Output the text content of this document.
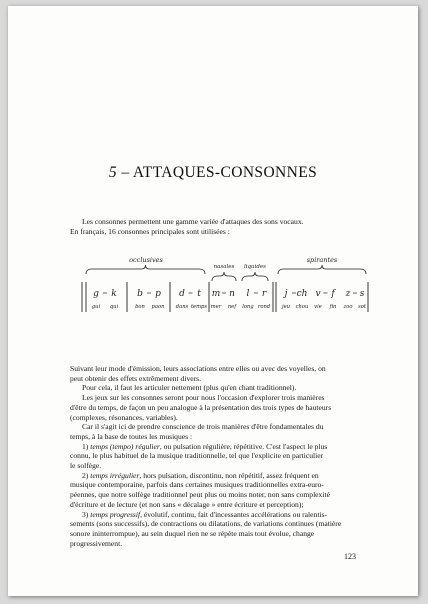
5 – ATTAQUES-CONSONNES
Les consonnes permettent une gamme variée d'attaques des sons vocaux.
En français, 16 consonnes principales sont utilisées :
occlusives
nasales liquides
spirantes
g k b p d t m n l r j ch v f z s
gui qui	bon paon dans temps mer nef long rond jeu chou vie fin zoo sot
Suivant leur mode d'émission, leurs associations entre elles ou avec des voyelles, on
peut obtenir des effets extrêmement divers.
Pour cela, il faut les articuler nettement (plus qu'en chant traditionnel).
Les jeux sur les consonnes seront pour nous l'occasion d'explorer trois manières
d'être du temps, de façon un peu analogue à la présentation des trois types de hauteurs
(complexes, résonances, variables).
Car il s'agit ici de prendre conscience de trois manières d'être fondamentales du
temps, à la base de toutes les musiques :
1) temps (tempo) régulier, ou pulsation régulière, répétitive. C'est l'aspect le plus
connu, le plus habituel de la musique traditionnelle, tel que l'explicite en particulier
le solfège.
2) temps irrégulier, hors pulsation, discontinu, non répétitif, assez fréquent en
musique contemporaine, parfois dans certaines musiques traditionnelles extra-euro-
péennes, que notre solfège traditionnel peut plus ou moins noter, non sans complexité
d'écriture et de lecture (et non sans « décalage » entre écriture et perception);
3) temps progressif, évolutif, continu, fait d'incessantes accélérations ou ralentis-
sements (sons successifs), de contractions ou dilatations, de variations continues (matière
sonore ininterrompue), au sein duquel rien ne se répète mais tout évolue, change
progressivement.
123
